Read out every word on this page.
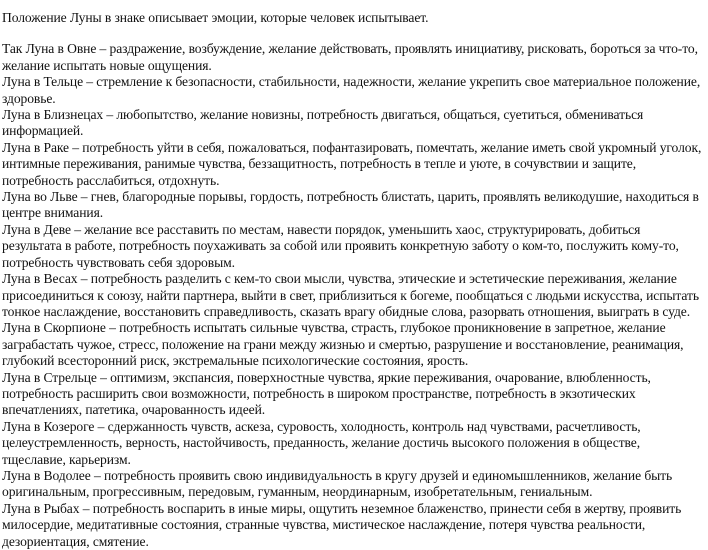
Положение Луны в знаке описывает эмоции, которые человек испытывает.

Так Луна в Овне – раздражение, возбуждение, желание действовать, проявлять инициативу, рисковать, бороться за что-то, желание испытать новые ощущения.

Луна в Тельце – стремление к безопасности, стабильности, надежности, желание укрепить свое материальное положение, здоровье.

Луна в Близнецах – любопытство, желание новизны, потребность двигаться, общаться, суетиться, обмениваться информацией.

Луна в Раке – потребность уйти в себя, пожаловаться, пофантазировать, помечтать, желание иметь свой укромный уголок, интимные переживания, ранимые чувства, беззащитность, потребность в тепле и уюте, в сочувствии и защите, потребность расслабиться, отдохнуть.

Луна во Льве – гнев, благородные порывы, гордость, потребность блистать, царить, проявлять великодушие, находиться в центре внимания.

Луна в Деве – желание все расставить по местам, навести порядок, уменьшить хаос, структурировать, добиться результата в работе, потребность поухаживать за собой или проявить конкретную заботу о ком-то, послужить кому-то, потребность чувствовать себя здоровым.

Луна в Весах – потребность разделить с кем-то свои мысли, чувства, этические и эстетические переживания, желание присоединиться к союзу, найти партнера, выйти в свет, приблизиться к богеме, пообщаться с людьми искусства, испытать тонкое наслаждение, восстановить справедливость, сказать врагу обидные слова, разорвать отношения, выиграть в суде.

Луна в Скорпионе – потребность испытать сильные чувства, страсть, глубокое проникновение в запретное, желание заграбастать чужое, стресс, положение на грани между жизнью и смертью, разрушение и восстановление, реанимация, глубокий всесторонний риск, экстремальные психологические состояния, ярость.

Луна в Стрельце – оптимизм, экспансия, поверхностные чувства, яркие переживания, очарование, влюбленность, потребность расширить свои возможности, потребность в широком пространстве, потребность в экзотических впечатлениях, патетика, очарованность идеей.

Луна в Козероге – сдержанность чувств, аскеза, суровость, холодность, контроль над чувствами, расчетливость, целеустремленность, верность, настойчивость, преданность, желание достичь высокого положения в обществе, тщеславие, карьеризм.

Луна в Водолее – потребность проявить свою индивидуальность в кругу друзей и единомышленников, желание быть оригинальным, прогрессивным, передовым, гуманным, неординарным, изобретательным, гениальным.

Луна в Рыбах – потребность воспарить в иные миры, ощутить неземное блаженство, принести себя в жертву, проявить милосердие, медитативные состояния, странные чувства, мистическое наслаждение, потеря чувства реальности, дезориентация, смятение.
